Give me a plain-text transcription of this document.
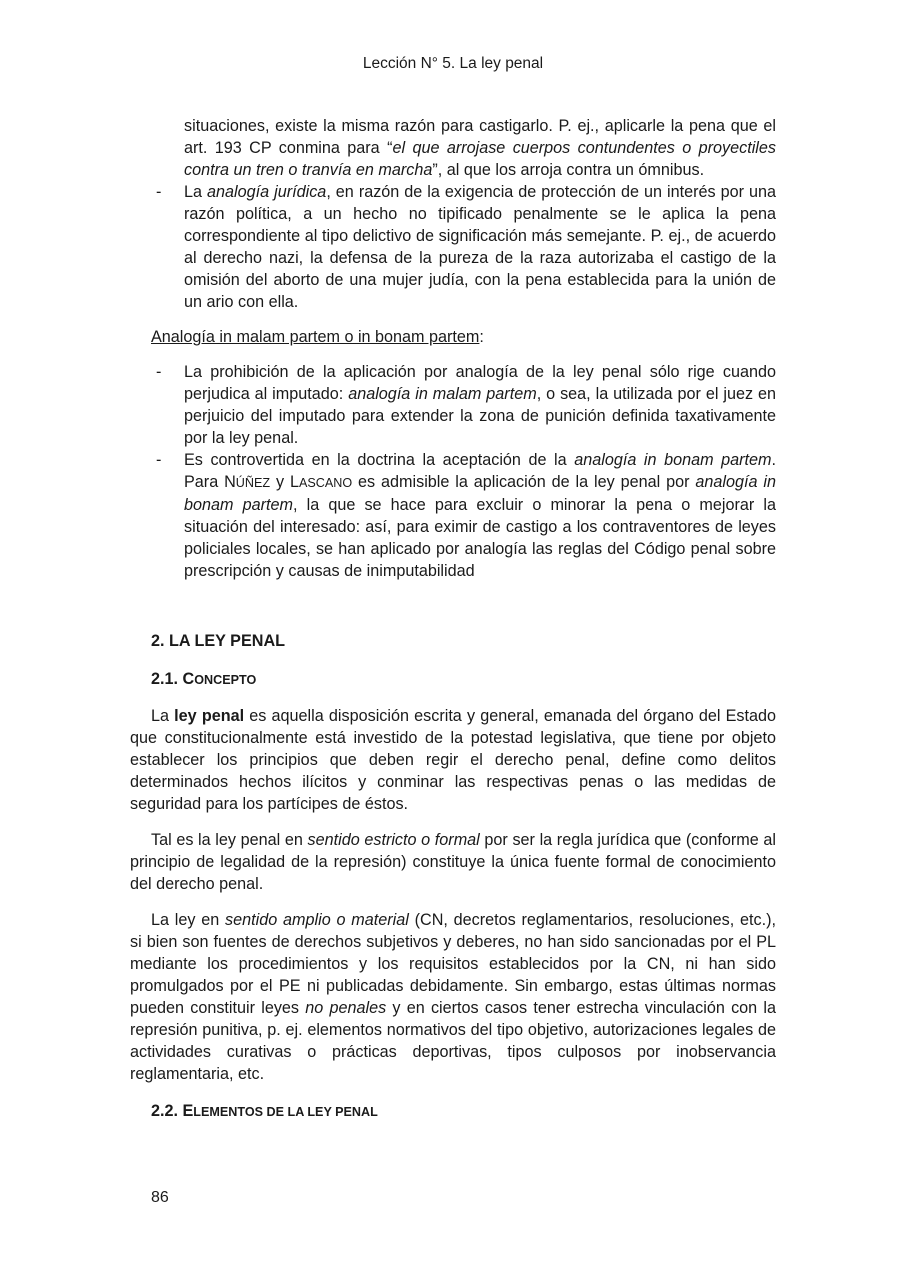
Lección N° 5. La ley penal

situaciones, existe la misma razón para castigarlo. P. ej., aplicarle la pena que el art. 193 CP conmina para “el que arrojase cuerpos contundentes o proyectiles contra un tren o tranvía en marcha”, al que los arroja contra un ómnibus.

- La analogía jurídica, en razón de la exigencia de protección de un interés por una razón política, a un hecho no tipificado penalmente se le aplica la pena correspondiente al tipo delictivo de significación más semejante. P. ej., de acuerdo al derecho nazi, la defensa de la pureza de la raza autorizaba el castigo de la omisión del aborto de una mujer judía, con la pena establecida para la unión de un ario con ella.

Analogía in malam partem o in bonam partem:
- La prohibición de la aplicación por analogía de la ley penal sólo rige cuando perjudica al imputado: analogía in malam partem, o sea, la utilizada por el juez en perjuicio del imputado para extender la zona de punición definida taxativamente por la ley penal.

- Es controvertida en la doctrina la aceptación de la analogía in bonam partem. Para NÚÑEZ y LASCANO es admisible la aplicación de la ley penal por analogía in bonam partem, la que se hace para excluir o minorar la pena o mejorar la situación del interesado: así, para eximir de castigo a los contraventores de leyes policiales locales, se han aplicado por analogía las reglas del Código penal sobre prescripción y causas de inimputabilidad

2. LA LEY PENAL
2.1. CONCEPTO

La ley penal es aquella disposición escrita y general, emanada del órgano del Estado que constitucionalmente está investido de la potestad legislativa, que tiene por objeto establecer los principios que deben regir el derecho penal, define como delitos determinados hechos ilícitos y conminar las respectivas penas o las medidas de seguridad para los partícipes de éstos.

Tal es la ley penal en sentido estricto o formal por ser la regla jurídica que (conforme al principio de legalidad de la represión) constituye la única fuente formal de conocimiento del derecho penal.

La ley en sentido amplio o material (CN, decretos reglamentarios, resoluciones, etc.), si bien son fuentes de derechos subjetivos y deberes, no han sido sancionadas por el PL mediante los procedimientos y los requisitos establecidos por la CN, ni han sido promulgados por el PE ni publicadas debidamente. Sin embargo, estas últimas normas pueden constituir leyes no penales y en ciertos casos tener estrecha vinculación con la represión punitiva, p. ej. elementos normativos del tipo objetivo, autorizaciones legales de actividades curativas o prácticas deportivas, tipos culposos por inobservancia reglamentaria, etc.

2.2. ELEMENTOS DE LA LEY PENAL
86
